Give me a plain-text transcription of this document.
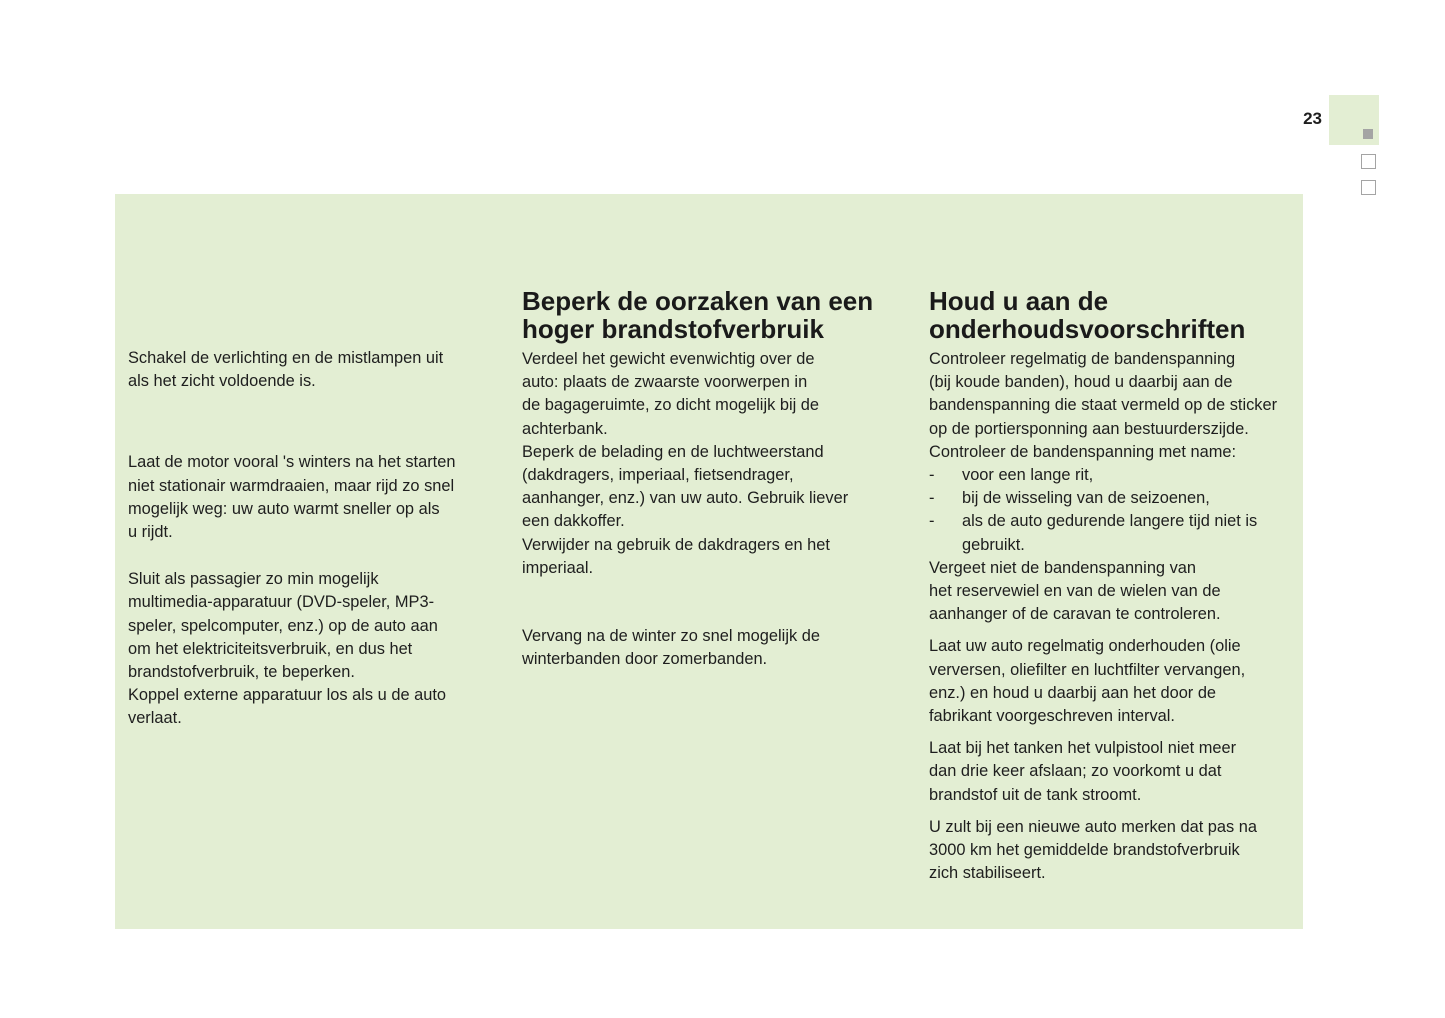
23

Schakel de verlichting en de mistlampen uit
als het zicht voldoende is.

Laat de motor vooral 's winters na het starten
niet stationair warmdraaien, maar rijd zo snel
mogelijk weg: uw auto warmt sneller op als
u rijdt.

Sluit als passagier zo min mogelijk
multimedia-apparatuur (DVD-speler, MP3-
speler, spelcomputer, enz.) op de auto aan
om het elektriciteitsverbruik, en dus het
brandstofverbruik, te beperken.
Koppel externe apparatuur los als u de auto
verlaat.

Beperk de oorzaken van een
hoger brandstofverbruik

Verdeel het gewicht evenwichtig over de
auto: plaats de zwaarste voorwerpen in
de bagageruimte, zo dicht mogelijk bij de
achterbank.
Beperk de belading en de luchtweerstand
(dakdragers, imperiaal, fietsendrager,
aanhanger, enz.) van uw auto. Gebruik liever
een dakkoffer.
Verwijder na gebruik de dakdragers en het
imperiaal.

Vervang na de winter zo snel mogelijk de
winterbanden door zomerbanden.

Houd u aan de
onderhoudsvoorschriften

Controleer regelmatig de bandenspanning
(bij koude banden), houd u daarbij aan de
bandenspanning die staat vermeld op de sticker
op de portiersponning aan bestuurderszijde.
Controleer de bandenspanning met name:

-	voor een lange rit,
-	bij de wisseling van de seizoenen,
-	als de auto gedurende langere tijd niet is gebruikt.

Vergeet niet de bandenspanning van
het reservewiel en van de wielen van de
aanhanger of de caravan te controleren.

Laat uw auto regelmatig onderhouden (olie
verversen, oliefilter en luchtfilter vervangen,
enz.) en houd u daarbij aan het door de
fabrikant voorgeschreven interval.

Laat bij het tanken het vulpistool niet meer
dan drie keer afslaan; zo voorkomt u dat
brandstof uit de tank stroomt.

U zult bij een nieuwe auto merken dat pas na
3000 km het gemiddelde brandstofverbruik
zich stabiliseert.
